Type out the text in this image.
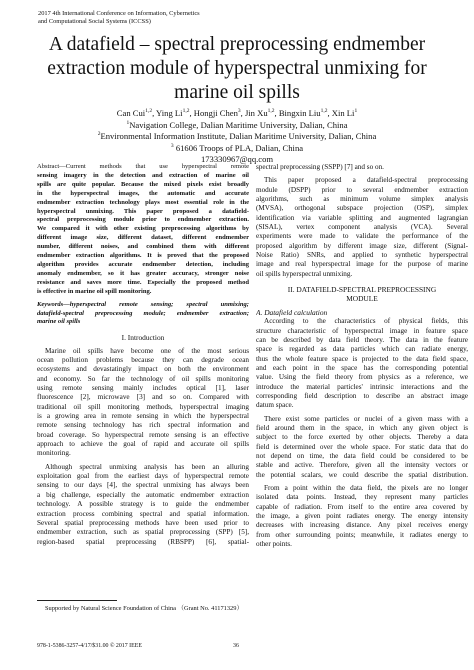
2017 4th International Conference on Information, Cybernetics
and Computational Social Systems (ICCSS)
A datafield – spectral preprocessing endmember
extraction module of hyperspectral unmixing for
marine oil spills
Can Cui$^{1,2}$, Ying Li$^{1,2}$, Hongji Chen$^3$, Jin Xu$^{1,2}$, Bingxin Liu$^{1,2}$, Xin Li$^1$
$^1$Navigation College, Dalian Maritime University, Dalian, China
$^2$Environmental Information Institute, Dalian Maritime University, Dalian, China
$^3$ 61606 Troops of PLA, Dalian, China
173330967@qq.com
Abstract—Current methods that use hyperspectral remote
sensing imagery in the detection and extraction of marine oil
spills are quite popular. Because the mixed pixels exist broadly
in the hyperspectral images, the automatic and accurate
endmember extraction technology plays most essential role in the
hyperspectral unmixing. This paper proposed a datafield-
spectral preprocessing module prior to endmember extraction.
We compared it with other existing preprocessing algorithms by
different image size, different dataset, different endmember
number, different noises, and combined them with different
endmember extraction algorithms. It is proved that the proposed
algorithm provides accurate endmember detection, including
anomaly endmember, so it has greater accuracy, stronger noise
resistance and saves more time. Especially the proposed method
is effective in marine oil spill monitoring.
Keywords—hyperspectral remote sensing; spectral unmixing;
datafield-spectral preprocessing module; endmember extraction;
marine oil spills
I. Introduction
Marine oil spills have become one of the most serious
ocean pollution problems because they can degrade ocean
ecosystems and devastatingly impact on both the environment
and economy. So far the technology of oil spills monitoring
using remote sensing mainly includes optical [1], laser
fluorescence [2], microwave [3] and so on. Compared with
traditional oil spill monitoring methods, hyperspectral imaging
is a growing area in remote sensing in which the hyperspectral
remote sensing technology has rich spectral information and
broad coverage. So hyperspectral remote sensing is an effective
approach to achieve the goal of rapid and accurate oil spills
monitoring.
Although spectral unmixing analysis has been an alluring
exploitation goal from the earliest days of hyperspectral remote
sensing to our days [4], the spectral unmixing has always been
a big challenge, especially the automatic endmember extraction
technology. A possible strategy is to guide the endmember
extraction process combining spectral and spatial information.
Several spatial preprocessing methods have been used prior to
endmember extraction, such as spatial preprocessing (SPP) [5],
region-based spatial preprocessing (RBSPP) [6], spatial-
spectral preprocessing (SSPP) [7] and so on.
This paper proposed a datafield-spectral preprocessing
module (DSPP) prior to several endmember extraction
algorithms, such as minimum volume simplex analysis
(MVSA), orthogonal subspace projection (OSP), simplex
identification via variable splitting and augmented lagrangian
(SISAL), vertex component analysis (VCA). Several
experiments were made to validate the performance of the
proposed algorithm by different image size, different (Signal-
Noise Ratio) SNRs, and applied to synthetic hyperspectral
image and real hyperspectral image for the purpose of marine
oil spills hyperspectral unmixing.
II. DATAFIELD-SPECTRAL PREPROCESSING
MODULE
A. Datafield calculation
According to the characteristics of physical fields, this
structure characteristic of hyperspectral image in feature space
can be described by data field theory. The data in the feature
space is regarded as data particles which can radiate energy,
thus the whole feature space is projected to the data field space,
and each point in the space has the corresponding potential
value. Using the field theory from physics as a reference, we
introduce the material particles' intrinsic interactions and the
corresponding field description to describe an abstract image
datum space.
There exist some particles or nuclei of a given mass with a
field around them in the space, in which any given object is
subject to the force exerted by other objects. Thereby a data
field is determined over the whole space. For static data that do
not depend on time, the data field could be considered to be
stable and active. Therefore, given all the intensity vectors or
the potential scalars, we could describe the spatial distribution.
From a point within the data field, the pixels are no longer
isolated data points. Instead, they represent many particles
capable of radiation. From itself to the entire area covered by
the image, a given point radiates energy. The energy intensity
decreases with increasing distance. Any pixel receives energy
from other surrounding points; meanwhile, it radiates energy to
other points.
Supported by Natural Science Foundation of China （Grant No. 41171329）
978-1-5386-3257-4/17/$31.00 © 2017 IEEE	36
